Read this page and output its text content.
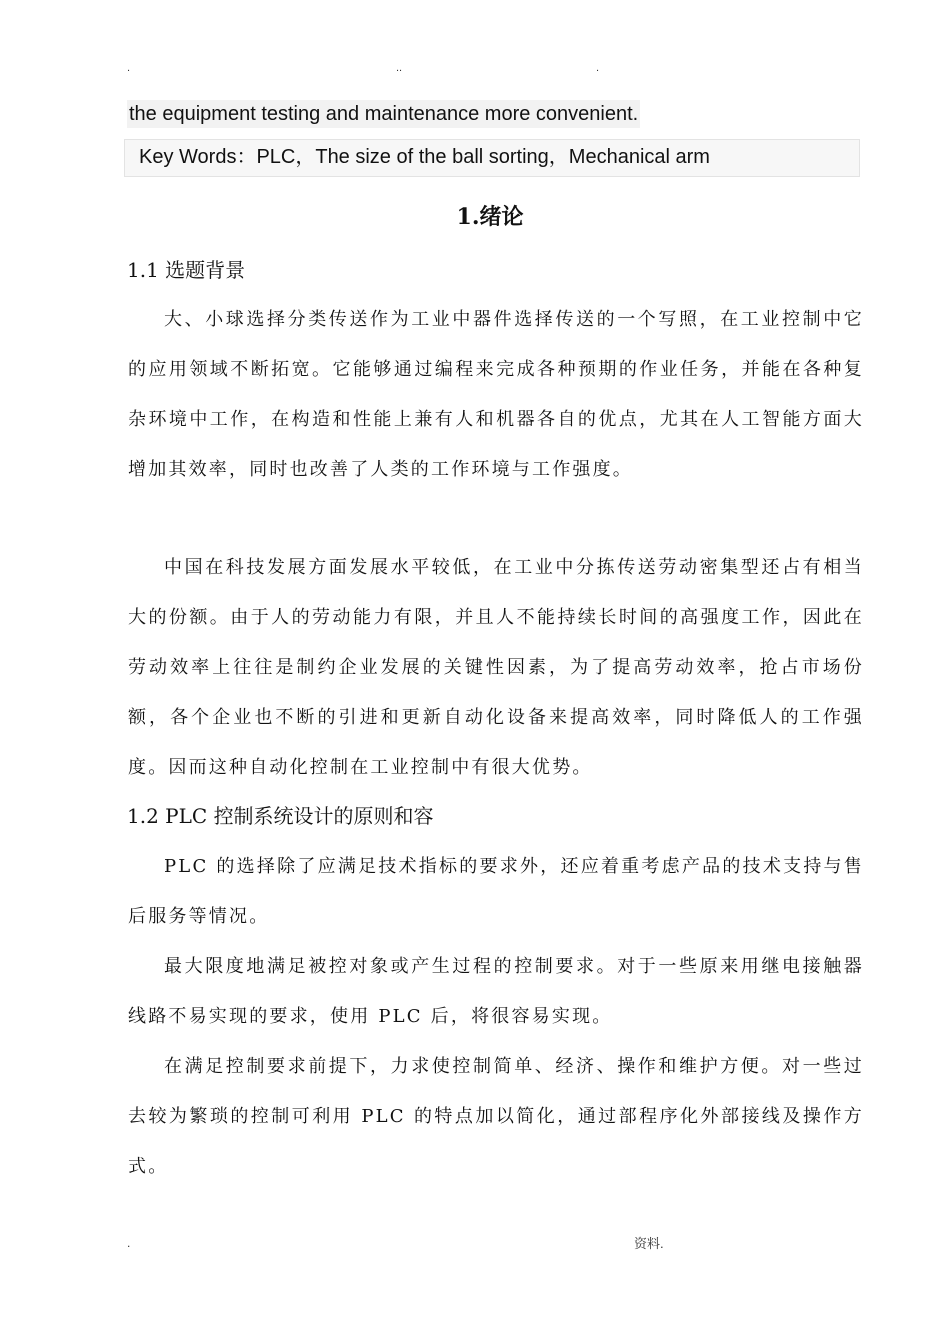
.	..	.
the equipment testing and maintenance more convenient.
Key Words：PLC，The size of the ball sorting，Mechanical arm
1.绪论
1.1 选题背景
大、小球选择分类传送作为工业中器件选择传送的一个写照，在工业控制中它的应用领域不断拓宽。它能够通过编程来完成各种预期的作业任务，并能在各种复杂环境中工作，在构造和性能上兼有人和机器各自的优点，尤其在人工智能方面大增加其效率，同时也改善了人类的工作环境与工作强度。
中国在科技发展方面发展水平较低，在工业中分拣传送劳动密集型还占有相当大的份额。由于人的劳动能力有限，并且人不能持续长时间的高强度工作，因此在劳动效率上往往是制约企业发展的关键性因素，为了提高劳动效率，抢占市场份额，各个企业也不断的引进和更新自动化设备来提高效率，同时降低人的工作强度。因而这种自动化控制在工业控制中有很大优势。
1.2 PLC 控制系统设计的原则和容
PLC 的选择除了应满足技术指标的要求外，还应着重考虑产品的技术支持与售后服务等情况。
最大限度地满足被控对象或产生过程的控制要求。对于一些原来用继电接触器线路不易实现的要求，使用 PLC 后，将很容易实现。
在满足控制要求前提下，力求使控制简单、经济、操作和维护方便。对一些过去较为繁琐的控制可利用 PLC 的特点加以简化，通过部程序化外部接线及操作方式。
.	资料.
